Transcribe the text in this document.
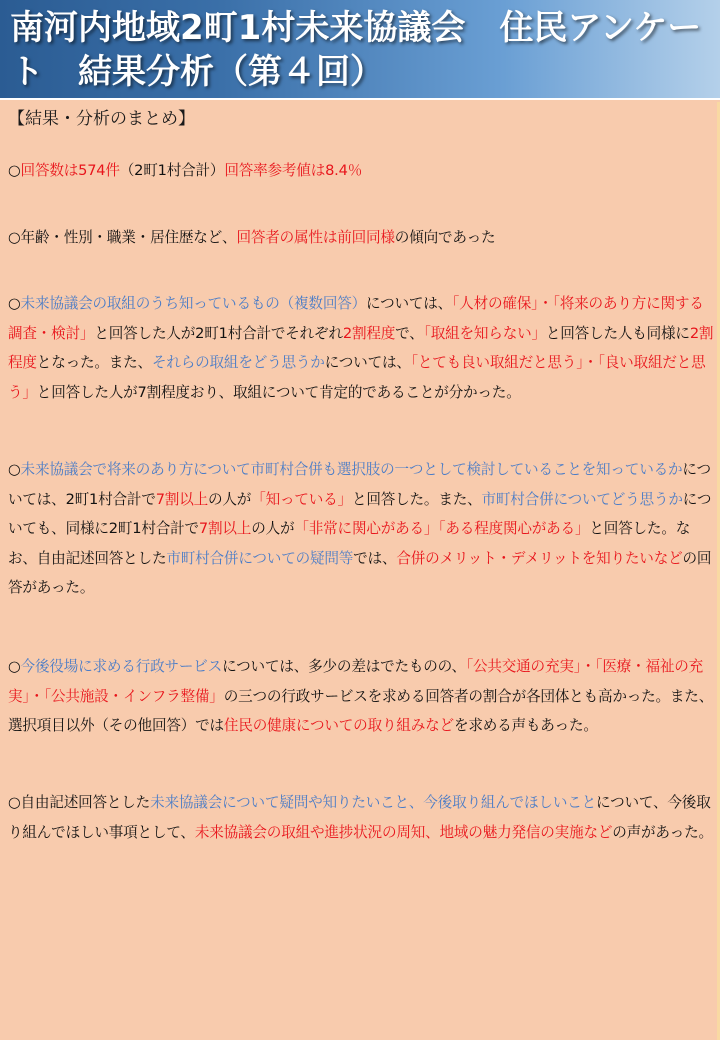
南河内地域2町1村未来協議会　住民アンケート　結果分析（第４回）
【結果・分析のまとめ】

○回答数は574件（2町1村合計）回答率参考値は8.4％

○年齢・性別・職業・居住歴など、回答者の属性は前回同様の傾向であった

○未来協議会の取組のうち知っているもの（複数回答）については、「人材の確保」・「将来のあり方に関する調査・検討」と回答した人が2町1村合計でそれぞれ2割程度で、「取組を知らない」と回答した人も同様に2割程度となった。また、それらの取組をどう思うかについては、「とても良い取組だと思う」・「良い取組だと思う」と回答した人が7割程度おり、取組について肯定的であることが分かった。

○未来協議会で将来のあり方について市町村合併も選択肢の一つとして検討していることを知っているかについては、2町1村合計で7割以上の人が「知っている」と回答した。また、市町村合併についてどう思うかについても、同様に2町1村合計で7割以上の人が「非常に関心がある」「ある程度関心がある」と回答した。なお、自由記述回答とした市町村合併についての疑問等では、合併のメリット・デメリットを知りたいなどの回答があった。

○今後役場に求める行政サービスについては、多少の差はでたものの、「公共交通の充実」・「医療・福祉の充実」・「公共施設・インフラ整備」の三つの行政サービスを求める回答者の割合が各団体とも高かった。また、選択項目以外（その他回答）では住民の健康についての取り組みなどを求める声もあった。

○自由記述回答とした未来協議会について疑問や知りたいこと、今後取り組んでほしいことについて、今後取り組んでほしい事項として、未来協議会の取組や進捗状況の周知、地域の魅力発信の実施などの声があった。
